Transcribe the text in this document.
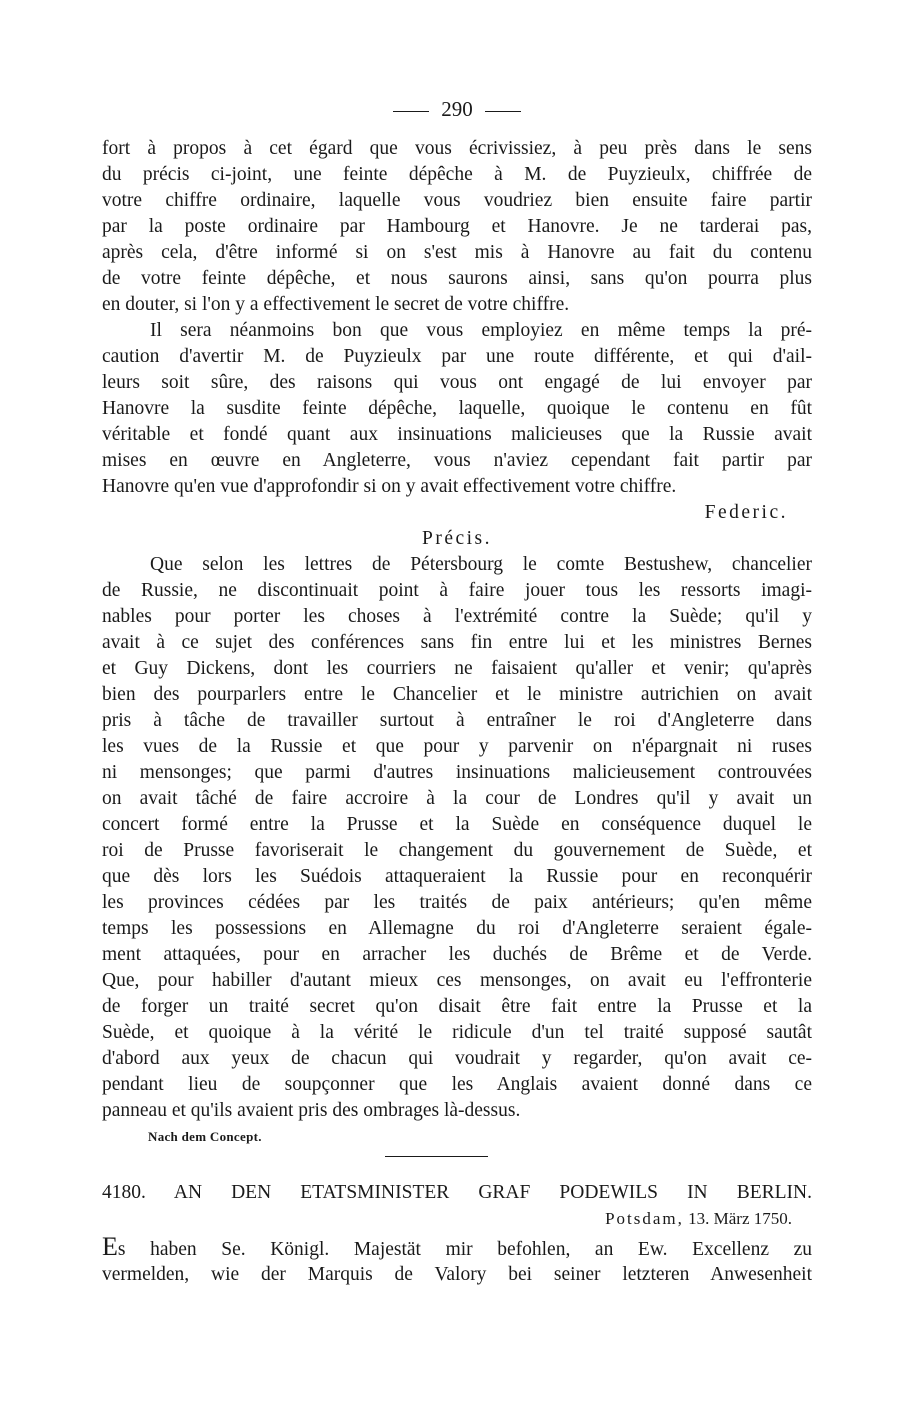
290
fort à propos à cet égard que vous écrivissiez, à peu près dans le sens
du précis ci-joint, une feinte dépêche à M. de Puyzieulx, chiffrée de
votre chiffre ordinaire, laquelle vous voudriez bien ensuite faire partir
par la poste ordinaire par Hambourg et Hanovre. Je ne tarderai pas,
après cela, d'être informé si on s'est mis à Hanovre au fait du contenu
de votre feinte dépêche, et nous saurons ainsi, sans qu'on pourra plus
en douter, si l'on y a effectivement le secret de votre chiffre.
Il sera néanmoins bon que vous employiez en même temps la pré-
caution d'avertir M. de Puyzieulx par une route différente, et qui d'ail-
leurs soit sûre, des raisons qui vous ont engagé de lui envoyer par
Hanovre la susdite feinte dépêche, laquelle, quoique le contenu en fût
véritable et fondé quant aux insinuations malicieuses que la Russie avait
mises en œuvre en Angleterre, vous n'aviez cependant fait partir par
Hanovre qu'en vue d'approfondir si on y avait effectivement votre chiffre.
Federic.
Précis.
Que selon les lettres de Pétersbourg le comte Bestushew, chancelier
de Russie, ne discontinuait point à faire jouer tous les ressorts imagi-
nables pour porter les choses à l'extrémité contre la Suède; qu'il y
avait à ce sujet des conférences sans fin entre lui et les ministres Bernes
et Guy Dickens, dont les courriers ne faisaient qu'aller et venir; qu'après
bien des pourparlers entre le Chancelier et le ministre autrichien on avait
pris à tâche de travailler surtout à entraîner le roi d'Angleterre dans
les vues de la Russie et que pour y parvenir on n'épargnait ni ruses
ni mensonges; que parmi d'autres insinuations malicieusement controuvées
on avait tâché de faire accroire à la cour de Londres qu'il y avait un
concert formé entre la Prusse et la Suède en conséquence duquel le
roi de Prusse favoriserait le changement du gouvernement de Suède, et
que dès lors les Suédois attaqueraient la Russie pour en reconquérir
les provinces cédées par les traités de paix antérieurs; qu'en même
temps les possessions en Allemagne du roi d'Angleterre seraient égale-
ment attaquées, pour en arracher les duchés de Brême et de Verde.
Que, pour habiller d'autant mieux ces mensonges, on avait eu l'effronterie
de forger un traité secret qu'on disait être fait entre la Prusse et la
Suède, et quoique à la vérité le ridicule d'un tel traité supposé sautât
d'abord aux yeux de chacun qui voudrait y regarder, qu'on avait ce-
pendant lieu de soupçonner que les Anglais avaient donné dans ce
panneau et qu'ils avaient pris des ombrages là-dessus.
Nach dem Concept.
4180. AN DEN ETATSMINISTER GRAF PODEWILS IN BERLIN.
Potsdam, 13. März 1750.
Es haben Se. Königl. Majestät mir befohlen, an Ew. Excellenz zu
vermelden, wie der Marquis de Valory bei seiner letzteren Anwesenheit
